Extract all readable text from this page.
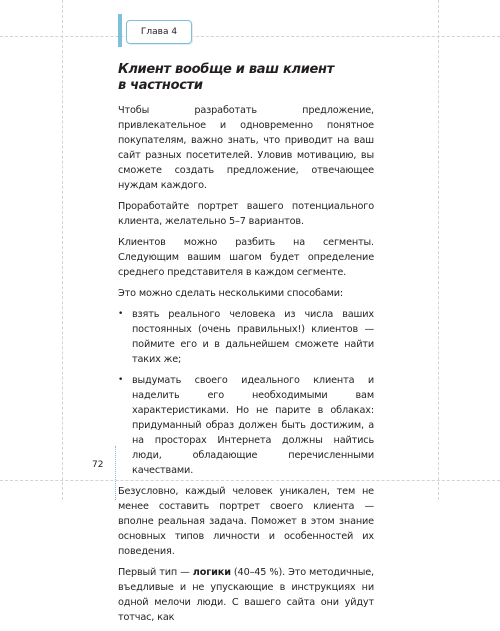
Глава 4
Клиент вообще и ваш клиент
в частности

Чтобы разработать предложение, привлекательное и одновременно понятное покупателям, важно знать, что приводит на ваш сайт разных посетителей. Уловив мотивацию, вы сможете создать предложение, отвечающее нуждам каждого.

Проработайте портрет вашего потенциального клиента, желательно 5–7 вариантов.

Клиентов можно разбить на сегменты. Следующим вашим шагом будет определение среднего представителя в каждом сегменте.

Это можно сделать несколькими способами:

• взять реального человека из числа ваших постоянных (очень правильных!) клиентов — поймите его и в дальнейшем сможете найти таких же;
• выдумать своего идеального клиента и наделить его необходимыми вам характеристиками. Но не парите в облаках: придуманный образ должен быть достижим, а на просторах Интернета должны найтись люди, обладающие перечисленными качествами.

Безусловно, каждый человек уникален, тем не менее составить портрет своего клиента — вполне реальная задача. Поможет в этом знание основных типов личности и особенностей их поведения.

Первый тип — логики (40–45 %). Это методичные, въедливые и не упускающие в инструкциях ни одной мелочи люди. С вашего сайта они уйдут тотчас, как

72
